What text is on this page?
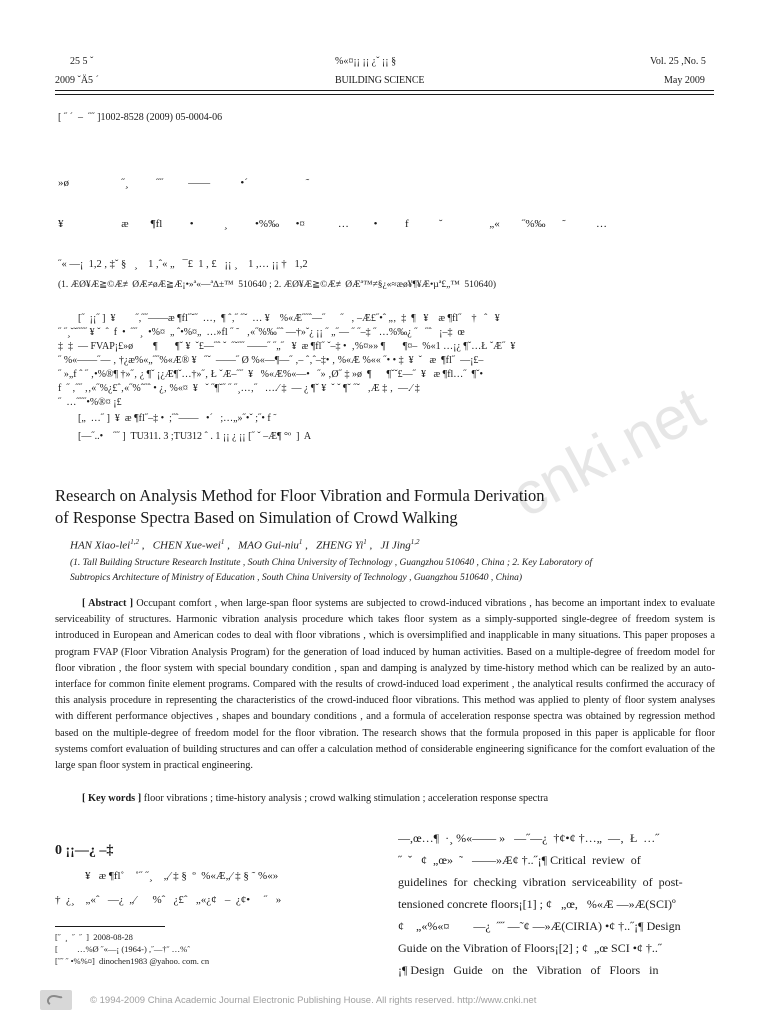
cnki.net
25 5 ˇ
2009 ˇÄ5 ´
%«¤¡¡ ¡¡ ¿ˇ ¡¡ §
BUILDING SCIENCE
Vol. 25 ,No. 5
May 2009
[ ˝ ´  –  ˝˝ ]1002-8528 (2009) 05-0004-06
»ø                   ˝¸          ˝˝         ——           •´                     ˜
¥                     æ        ¶fl          •           ¸          •%‰      •¤            …         •          f           ˘                 „«        ˝%‰      ˜           …
˝« —¡  1,2 , ‡ˇ §   ¸    1 ,ˆ« „   ¯£  1 , £   ¡¡ ¸    1 ,… ¡¡ †   1,2
(1. ÆØ¥Æ≧©Æ≢ØÆ≠øÆ≧Æ¡•»ª«—ª∆±™  510640 ; 2. ÆØ¥Æ≧©Æ≢ØÆª™≠§¿«≈æø¥¶¥Æ•µª£„™  510640)
[˝  ¡¡˝ ]  ¥        ˝,˝˝——æ ¶fl˝ˇ˝  …‚  ¶ ˆ‚˝ ˝ˇ  … ¥    %«Æ˝˝ˆ—˝      ˝   ‚ –Æ£˝•ˆ „‚  ‡  ¶   ¥    æ ¶fl˝    †   ˆ   ¥
˝ ˝¸˘ˇ˝˝˝ ¥ ˇ  ˆ  f  •  ˝˝ ¸  •%¤  „ ˆ•%¤„  …»fl ˝ ˜   ‚«˝%‰˝ˆ —†»ˇ¿ ¡¡ ˝ „˝— ˝ ˝–‡ ˝ …%‰¿ ˝   ˝ˆ   ¡–‡  œ
‡  ‡  — FVAP¡£»ø        ¶       ¶ˇ ¥  ˇ£—˝ˆ ˇ  ˝ˇ˝˝ ——˝ ˝„˝   ¥  æ ¶fl˝ ˇ–‡ •  ‚%¤»» ¶       ¶¤–  %«1 …¡¿ ¶ˇ…Ł ˇÆ˝  ¥
˝ %«——˝— ‚ †¿æ%«„˝˝%«Æ® ¥   ˝ˇ  ——˝ Ø %«—¶—˝ ‚– ˆ‚ˆ–‡• ‚ %«Æ %«« ˝• • ‡  ¥  ˇ   æ  ¶fl˝  —¡£–
˝ »„f ˆ ˝ ‚•%®¶ †»˝‚ ¿ ¶ˇ ¡¿Æ¶ˇ…†»˝‚ Ł ˇÆ–˝˝  ¥   %«Æ%«—•   ˝» ‚Ø˝ ‡ »ø  ¶      ¶ˇˇ£—˝  ¥   æ ¶fl…˝  ¶ˇ•
f  ˝ ‚˝˝ ‚‚«˝%¿£ˆ‚«˝%ˆ˝ˆ • ¿‚ %«¤  ¥   ˇ ˝¶ˇ˝ ˝ ˝¸…‚˝   ….⁄ ‡  — ¿ ¶ˇ ¥  ˇ ˇ ¶ˇ ˝ˇ   ‚Æ ‡ ‚  —.⁄ ‡
˝  …˝˝˝•%®¤ ¡£
[„  …˝ ]  ¥  æ ¶fl˝–‡ •  ;˝ˆ——   •´   ;…„»˝•ˇ ;˝• f ˜
[—˝..•    ˝˝ ]  TU311. 3 ;TU312 ˆ . 1 ¡¡ ¿ ¡¡ [˝ ˇ –Æ¶ °º  ]  A
Research on Analysis Method for Floor Vibration and Formula Derivation
of Response Spectra Based on Simulation of Crowd Walking
HAN Xiao-lei$^{1,2}$ ,   CHEN Xue-wei$^1$ ,   MAO Gui-niu$^1$ ,   ZHENG Yi$^1$ ,   JI Jing$^{1,2}$
(1. Tall Building Structure Research Institute , South China University of Technology , Guangzhou 510640 , China ; 2. Key Laboratory of
Subtropics Architecture of Ministry of Education , South China University of Technology , Guangzhou 510640 , China)
[ Abstract ] Occupant comfort , when large-span floor systems are subjected to crowd-induced vibrations , has become an important index to evaluate serviceability of structures. Harmonic vibration analysis procedure which takes floor system as a simply-supported single-degree of freedom system is introduced in European and American codes to deal with floor vibrations , which is oversimplified and inapplicable in many situations. This paper proposes a program FVAP (Floor Vibration Analysis Program) for the generation of load induced by human activities. Based on a multiple-degree of freedom model for floor vibration , the floor system with special boundary condition , span and damping is analyzed by time-history method which can be realized by an auto-interface for common finite element programs. Compared with the results of crowd-induced load experiment , the analytical results confirmed the accuracy of this analysis procedure in representing the characteristics of the crowd-induced floor vibrations. This method was applied to plenty of floor system analyses with different performance objectives , shapes and boundary conditions , and a formula of acceleration response spectra was obtained by regression method based on the multiple-degree of freedom model for the floor vibration. The research shows that the formula proposed in this paper is applicable for floor systems comfort evaluation of building structures and can offer a calculation method of considerable engineering significance for the comfort evaluation of the large span floor system in practical engineering.
[ Key words ] floor vibrations ; time-history analysis ; crowd walking stimulation ; acceleration response spectra
0 ¡¡—¿ –‡
¥   æ ¶fl˚    ˚˝ ˝¸    „⁄ ‡ §  º  %«Æ„⁄ ‡ § ˜ %«»
†  ¿¸    „«ˆ   —¿  „⁄      %ˆ   ¿£ˆ   „«¿¢   –  ¿¢•     ˝   »
[˝  ¸  ˝  ˝  ]  2008-08-28
[         …%Ø ˝«—¡ (1964-) ,˝—†ˇ …%ˆ
[˝˝ ˝ •%%¤]  dinochen1983 @yahoo. com. cn
—,œ…¶  ·¸ %«—— »   —˝—¿  †¢•¢ †…„  —‚  Ł  …˝
˝  ˇ   ¢  „œ»  ˜   ——»Æ¢ †..˝¡¶ Critical  review  of
guidelines  for  checking  vibration  serviceability  of  post-
tensioned concrete floors¡[1] ; ¢   „œ,   %«Æ —»Æ(SCI)º
¢    „«%«¤        —¿  ˝˝ —˜¢ —»Æ(CIRIA) •¢ †..˝¡¶ Design
Guide on the Vibration of Floors¡[2] ; ¢  „œ SCI •¢ †..˝
¡¶ Design   Guide   on   the   Vibration   of   Floors   in
© 1994-2009 China Academic Journal Electronic Publishing House. All rights reserved. http://www.cnki.net
